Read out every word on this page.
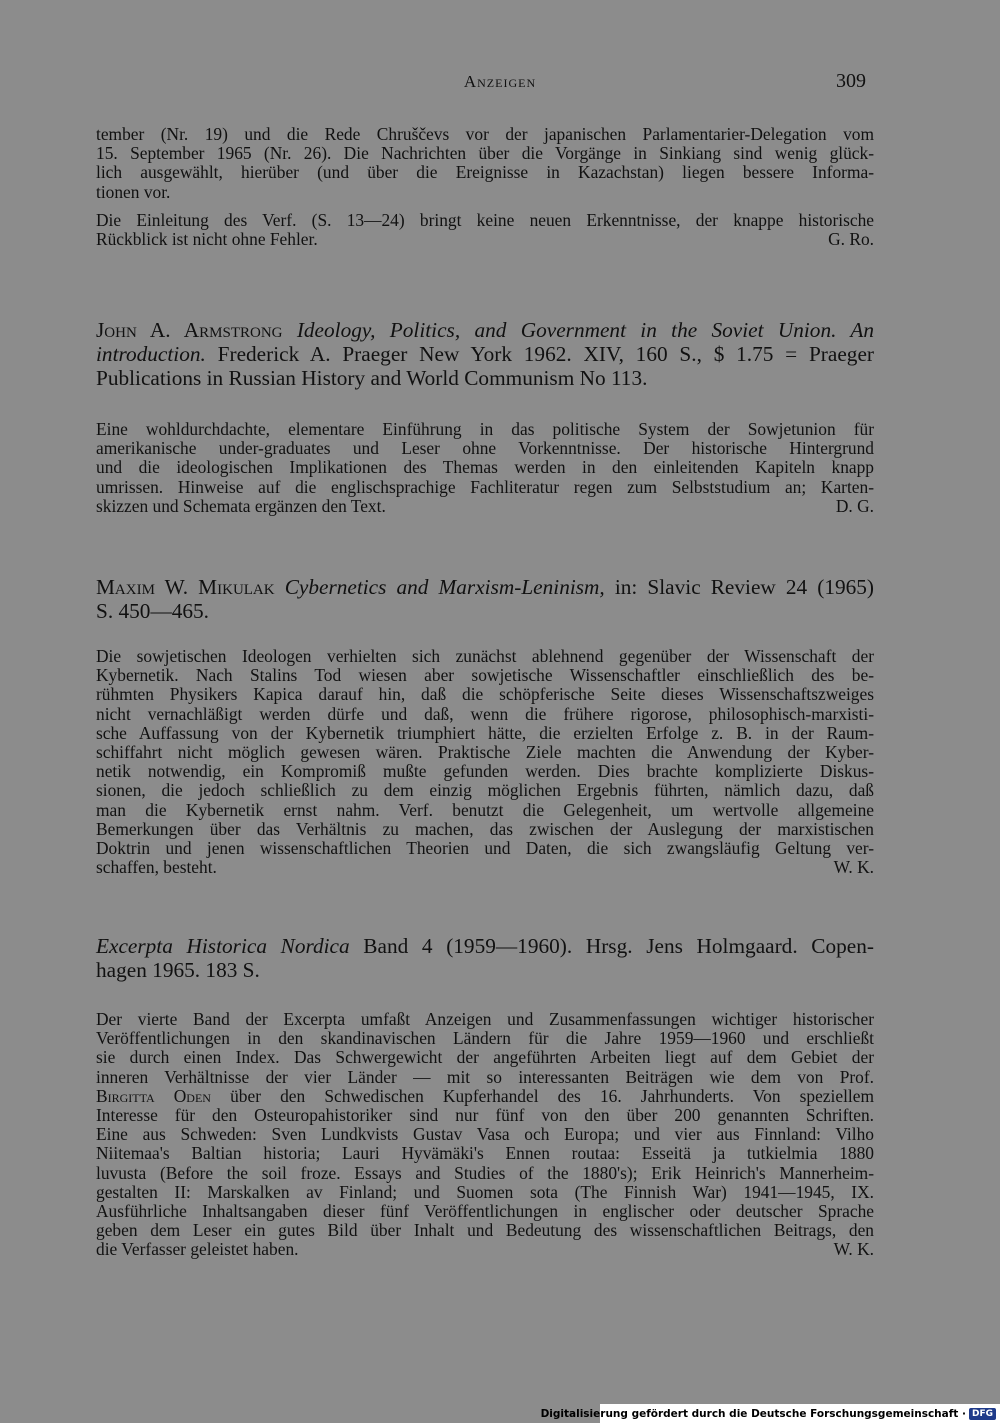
Anzeigen	309
tember (Nr. 19) und die Rede Chruščevs vor der japanischen Parlamentarier-Delegation vom
15. September 1965 (Nr. 26). Die Nachrichten über die Vorgänge in Sinkiang sind wenig glück-
lich ausgewählt, hierüber (und über die Ereignisse in Kazachstan) liegen bessere Informa-
tionen vor.
Die Einleitung des Verf. (S. 13—24) bringt keine neuen Erkenntnisse, der knappe historische
Rückblick ist nicht ohne Fehler.	G. Ro.
John A. Armstrong Ideology, Politics, and Government in the Soviet Union. An
introduction. Frederick A. Praeger New York 1962. XIV, 160 S., $ 1.75 = Praeger
Publications in Russian History and World Communism No 113.
Eine wohldurchdachte, elementare Einführung in das politische System der Sowjetunion für
amerikanische under-graduates und Leser ohne Vorkenntnisse. Der historische Hintergrund
und die ideologischen Implikationen des Themas werden in den einleitenden Kapiteln knapp
umrissen. Hinweise auf die englischsprachige Fachliteratur regen zum Selbststudium an; Karten-
skizzen und Schemata ergänzen den Text.	D. G.
Maxim W. Mikulak Cybernetics and Marxism-Leninism, in: Slavic Review 24 (1965)
S. 450—465.
Die sowjetischen Ideologen verhielten sich zunächst ablehnend gegenüber der Wissenschaft der
Kybernetik. Nach Stalins Tod wiesen aber sowjetische Wissenschaftler einschließlich des be-
rühmten Physikers Kapica darauf hin, daß die schöpferische Seite dieses Wissenschaftszweiges
nicht vernachläßigt werden dürfe und daß, wenn die frühere rigorose, philosophisch-marxisti-
sche Auffassung von der Kybernetik triumphiert hätte, die erzielten Erfolge z. B. in der Raum-
schiffahrt nicht möglich gewesen wären. Praktische Ziele machten die Anwendung der Kyber-
netik notwendig, ein Kompromiß mußte gefunden werden. Dies brachte komplizierte Diskus-
sionen, die jedoch schließlich zu dem einzig möglichen Ergebnis führten, nämlich dazu, daß
man die Kybernetik ernst nahm. Verf. benutzt die Gelegenheit, um wertvolle allgemeine
Bemerkungen über das Verhältnis zu machen, das zwischen der Auslegung der marxistischen
Doktrin und jenen wissenschaftlichen Theorien und Daten, die sich zwangsläufig Geltung ver-
schaffen, besteht.	W. K.
Excerpta Historica Nordica Band 4 (1959—1960). Hrsg. Jens Holmgaard. Copen-
hagen 1965. 183 S.
Der vierte Band der Excerpta umfaßt Anzeigen und Zusammenfassungen wichtiger historischer
Veröffentlichungen in den skandinavischen Ländern für die Jahre 1959—1960 und erschließt
sie durch einen Index. Das Schwergewicht der angeführten Arbeiten liegt auf dem Gebiet der
inneren Verhältnisse der vier Länder — mit so interessanten Beiträgen wie dem von Prof.
Birgitta Oden über den Schwedischen Kupferhandel des 16. Jahrhunderts. Von speziellem
Interesse für den Osteuropahistoriker sind nur fünf von den über 200 genannten Schriften.
Eine aus Schweden: Sven Lundkvists Gustav Vasa och Europa; und vier aus Finnland: Vilho
Niitemaa's Baltian historia; Lauri Hyvämäki's Ennen routaa: Esseitä ja tutkielmia 1880
luvusta (Before the soil froze. Essays and Studies of the 1880's); Erik Heinrich's Mannerheim-
gestalten II: Marskalken av Finland; und Suomen sota (The Finnish War) 1941—1945, IX.
Ausführliche Inhaltsangaben dieser fünf Veröffentlichungen in englischer oder deutscher Sprache
geben dem Leser ein gutes Bild über Inhalt und Bedeutung des wissenschaftlichen Beitrags, den
die Verfasser geleistet haben.	W. K.
Digitalisierung gefördert durch die Deutsche Forschungsgemeinschaft · DFG
